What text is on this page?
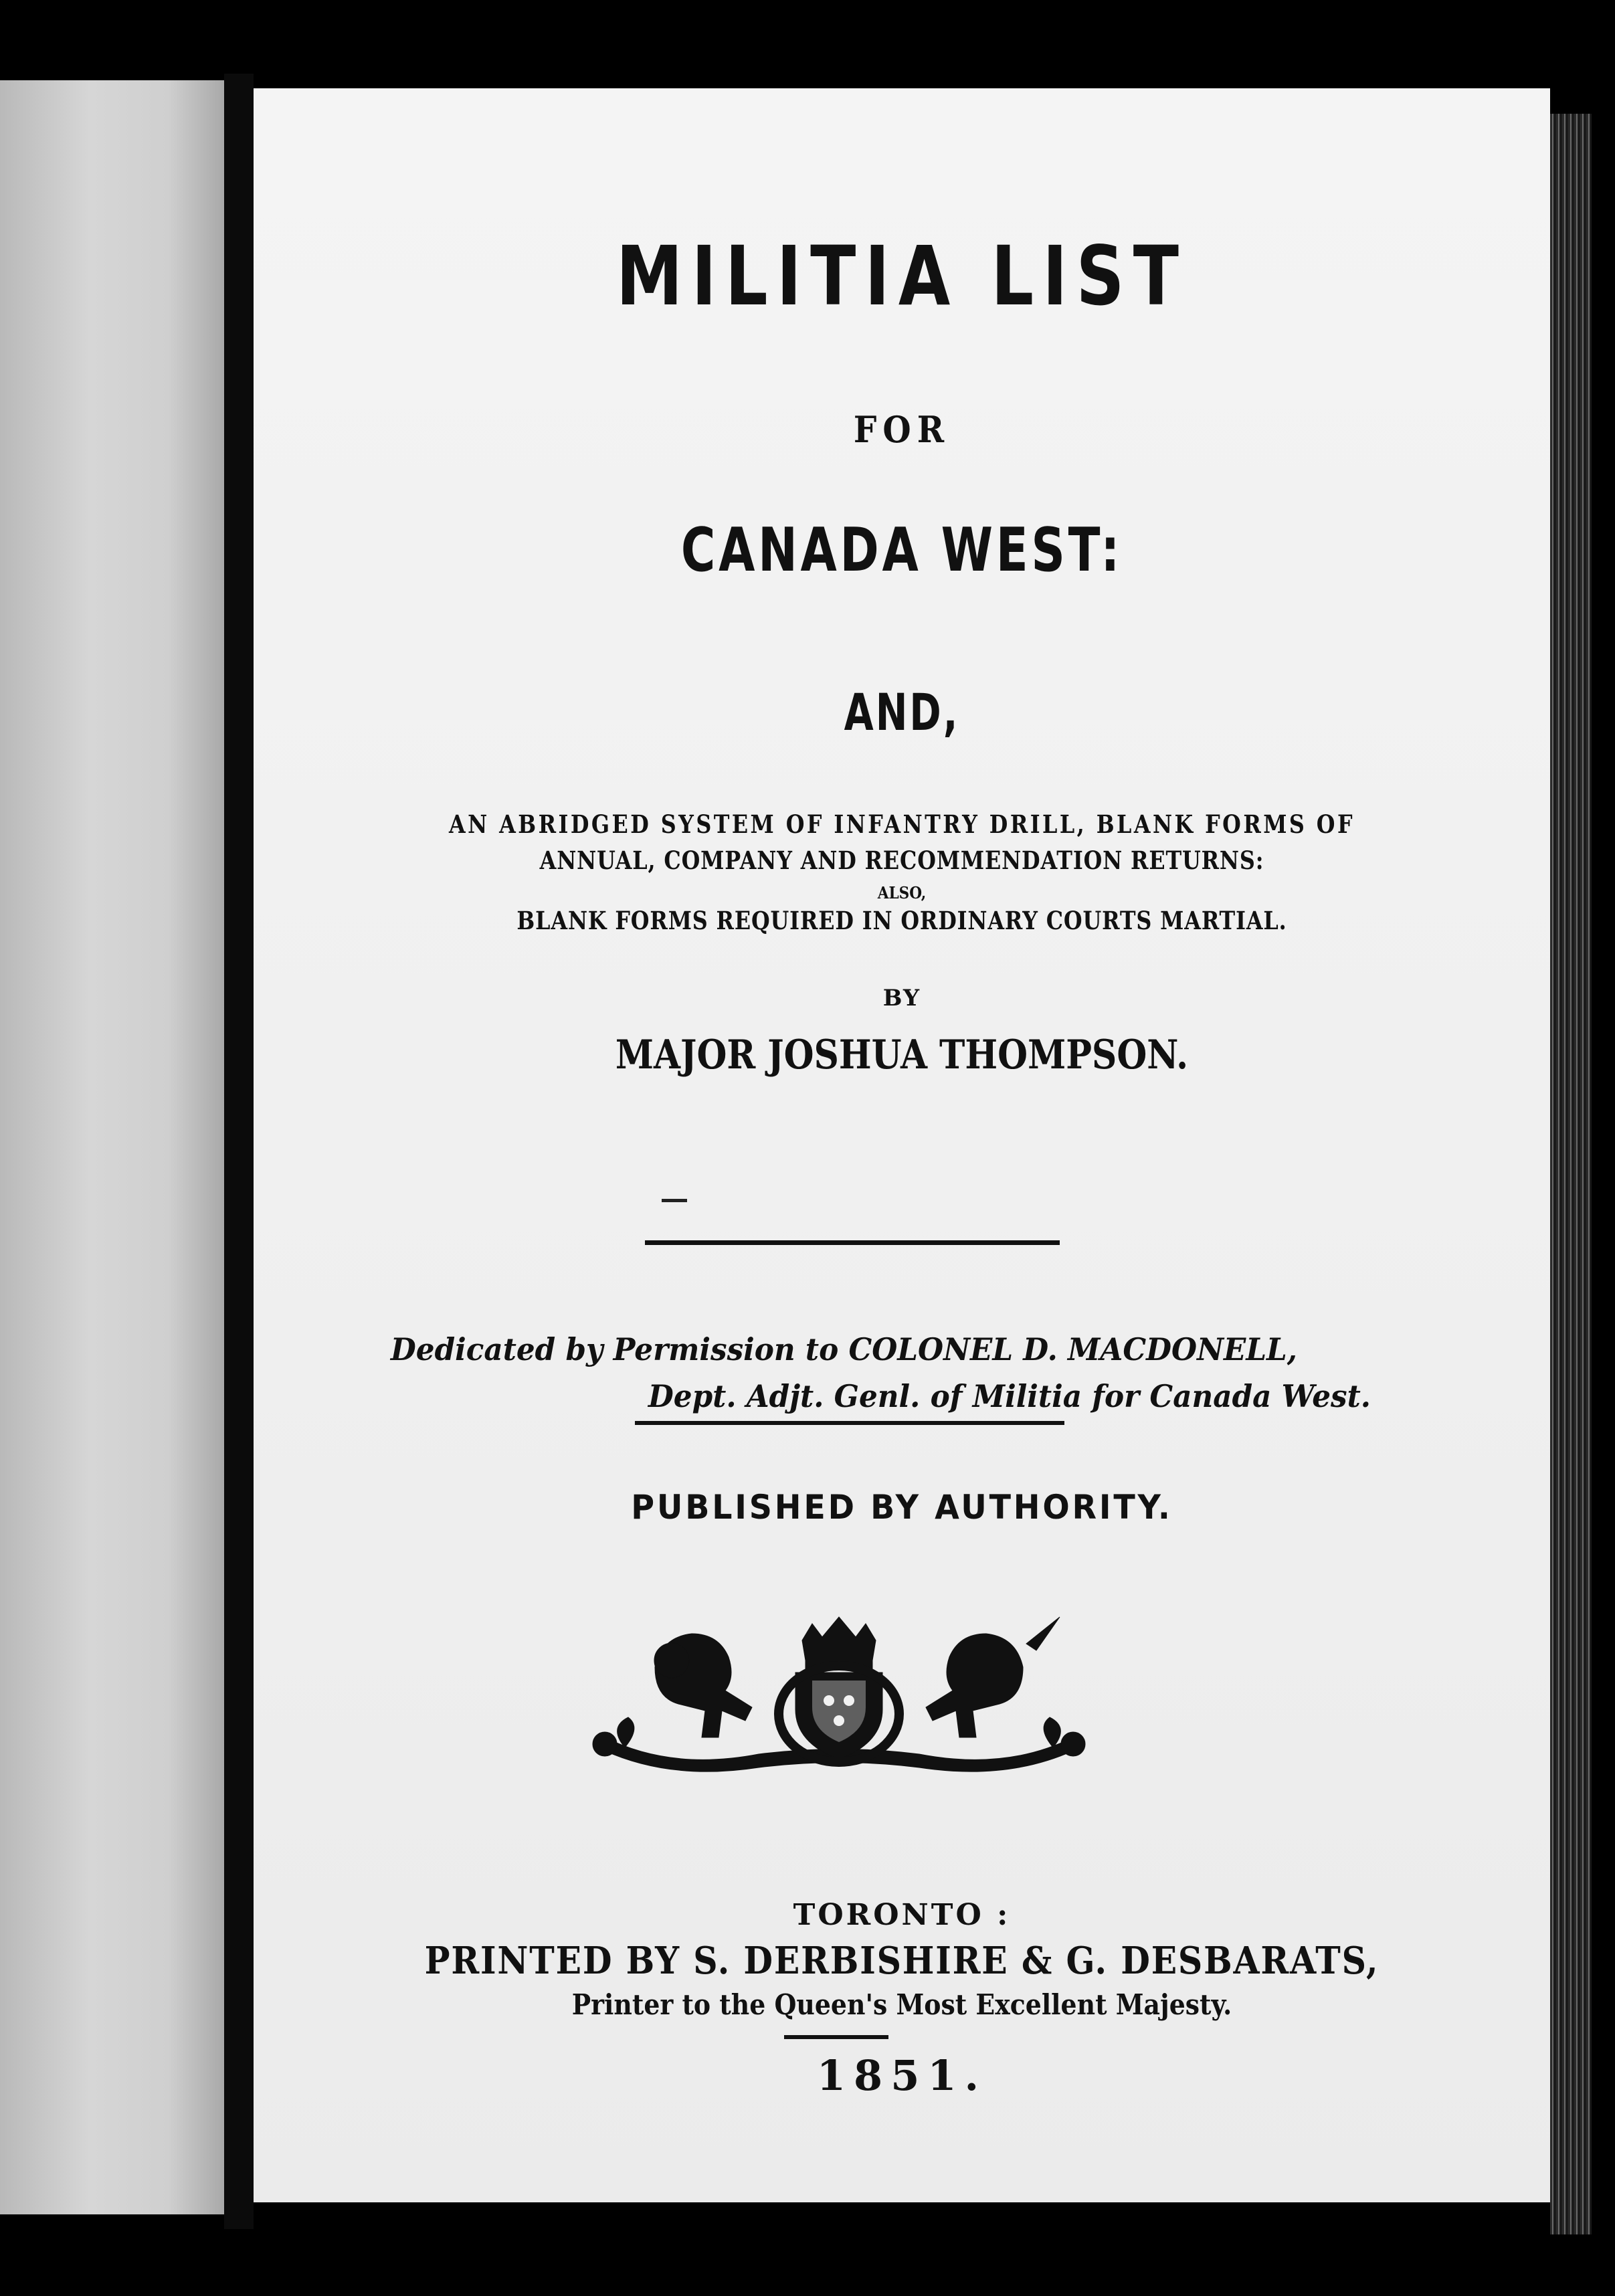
MILITIA LIST

FOR

CANADA WEST:

AND,

AN ABRIDGED SYSTEM OF INFANTRY DRILL, BLANK FORMS OF

ANNUAL, COMPANY AND RECOMMENDATION RETURNS:

ALSO,

BLANK FORMS REQUIRED IN ORDINARY COURTS MARTIAL.

BY

MAJOR JOSHUA THOMPSON.

Dedicated by Permission to COLONEL D. MACDONELL,

Dept. Adjt. Genl. of Militia for Canada West.

PUBLISHED BY AUTHORITY.

TORONTO :

PRINTED BY S. DERBISHIRE & G. DESBARATS,

Printer to the Queen's Most Excellent Majesty.

1851.
